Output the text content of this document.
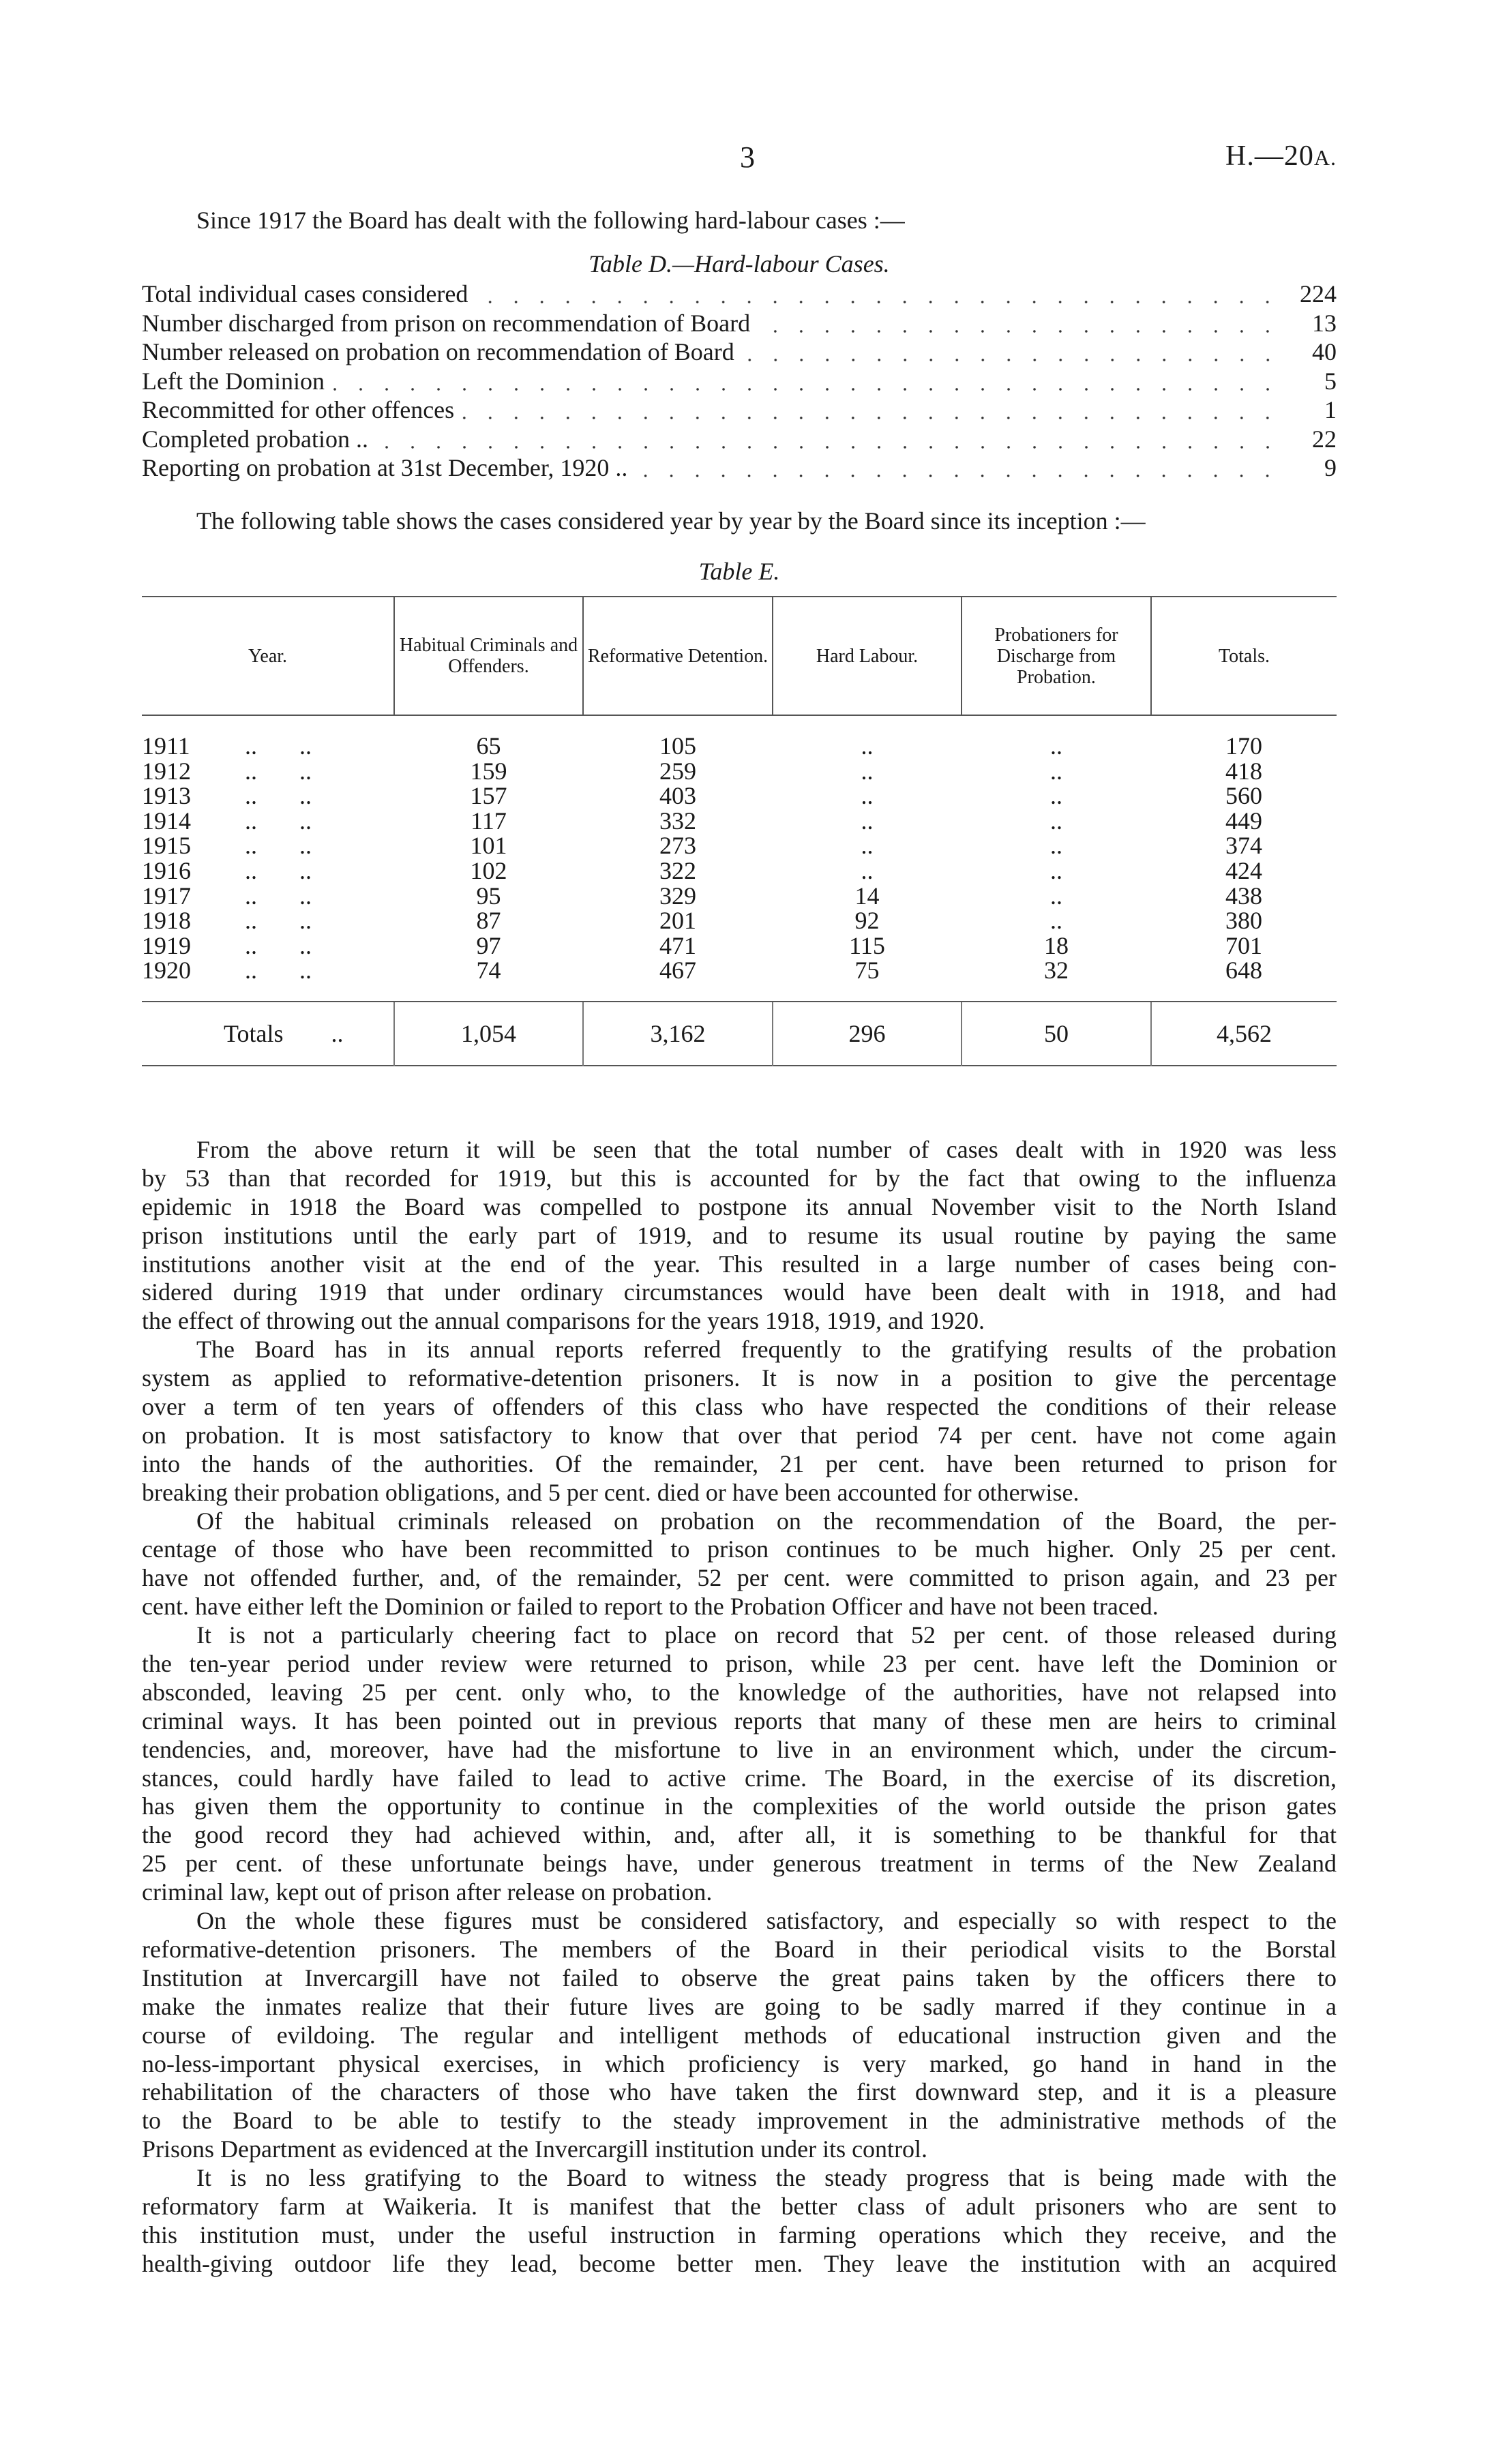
3	H.—20A.
Since 1917 the Board has dealt with the following hard-labour cases :—
Table D.—Hard-labour Cases.
Total individual cases considered	224
Number discharged from prison on recommendation of Board	13
Number released on probation on recommendation of Board	40
Left the Dominion	5
Recommitted for other offences	1
Completed probation ..	22
Reporting on probation at 31st December, 1920 ..	9
The following table shows the cases considered year by year by the Board since its inception :—
Table E.
Year.	Habitual Criminals and Offenders.	Reformative Detention.	Hard Labour.	Probationers for Discharge from Probation.	Totals.
1911 .. ..	65	105	..	..	170
1912 .. ..	159	259	..	..	418
1913 .. ..	157	403	..	..	560
1914 .. ..	117	332	..	..	449
1915 .. ..	101	273	..	..	374
1916 .. ..	102	322	..	..	424
1917 .. ..	95	329	14	..	438
1918 .. ..	87	201	92	..	380
1919 .. ..	97	471	115	18	701
1920 .. ..	74	467	75	32	648
Totals ..	1,054	3,162	296	50	4,562
From the above return it will be seen that the total number of cases dealt with in 1920 was less
by 53 than that recorded for 1919, but this is accounted for by the fact that owing to the influenza
epidemic in 1918 the Board was compelled to postpone its annual November visit to the North Island
prison institutions until the early part of 1919, and to resume its usual routine by paying the same
institutions another visit at the end of the year. This resulted in a large number of cases being con-
sidered during 1919 that under ordinary circumstances would have been dealt with in 1918, and had
the effect of throwing out the annual comparisons for the years 1918, 1919, and 1920.
The Board has in its annual reports referred frequently to the gratifying results of the probation
system as applied to reformative-detention prisoners. It is now in a position to give the percentage
over a term of ten years of offenders of this class who have respected the conditions of their release
on probation. It is most satisfactory to know that over that period 74 per cent. have not come again
into the hands of the authorities. Of the remainder, 21 per cent. have been returned to prison for
breaking their probation obligations, and 5 per cent. died or have been accounted for otherwise.
Of the habitual criminals released on probation on the recommendation of the Board, the per-
centage of those who have been recommitted to prison continues to be much higher. Only 25 per cent.
have not offended further, and, of the remainder, 52 per cent. were committed to prison again, and 23 per
cent. have either left the Dominion or failed to report to the Probation Officer and have not been traced.
It is not a particularly cheering fact to place on record that 52 per cent. of those released during
the ten-year period under review were returned to prison, while 23 per cent. have left the Dominion or
absconded, leaving 25 per cent. only who, to the knowledge of the authorities, have not relapsed into
criminal ways. It has been pointed out in previous reports that many of these men are heirs to criminal
tendencies, and, moreover, have had the misfortune to live in an environment which, under the circum-
stances, could hardly have failed to lead to active crime. The Board, in the exercise of its discretion,
has given them the opportunity to continue in the complexities of the world outside the prison gates
the good record they had achieved within, and, after all, it is something to be thankful for that
25 per cent. of these unfortunate beings have, under generous treatment in terms of the New Zealand
criminal law, kept out of prison after release on probation.
On the whole these figures must be considered satisfactory, and especially so with respect to the
reformative-detention prisoners. The members of the Board in their periodical visits to the Borstal
Institution at Invercargill have not failed to observe the great pains taken by the officers there to
make the inmates realize that their future lives are going to be sadly marred if they continue in a
course of evildoing. The regular and intelligent methods of educational instruction given and the
no-less-important physical exercises, in which proficiency is very marked, go hand in hand in the
rehabilitation of the characters of those who have taken the first downward step, and it is a pleasure
to the Board to be able to testify to the steady improvement in the administrative methods of the
Prisons Department as evidenced at the Invercargill institution under its control.
It is no less gratifying to the Board to witness the steady progress that is being made with the
reformatory farm at Waikeria. It is manifest that the better class of adult prisoners who are sent to
this institution must, under the useful instruction in farming operations which they receive, and the
health-giving outdoor life they lead, become better men. They leave the institution with an acquired
